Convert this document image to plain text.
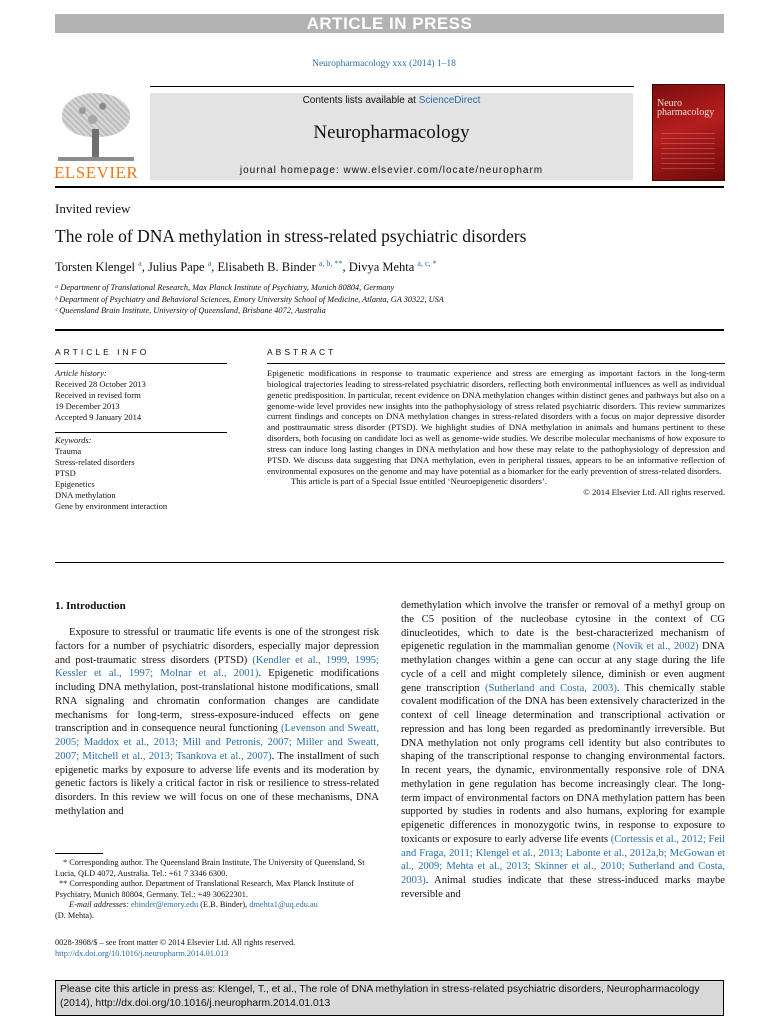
ARTICLE IN PRESS
Neuropharmacology xxx (2014) 1–18
ELSEVIER
Contents lists available at ScienceDirect
Neuropharmacology
journal homepage: www.elsevier.com/locate/neuropharm
Neuro pharmacology
Invited review
The role of DNA methylation in stress-related psychiatric disorders
Torsten Klengel $^a$, Julius Pape $^a$, Elisabeth B. Binder $^{a, b, **}$, Divya Mehta $^{a, c, *}$
ᵃ Department of Translational Research, Max Planck Institute of Psychiatry, Munich 80804, Germany
ᵇ Department of Psychiatry and Behavioral Sciences, Emory University School of Medicine, Atlanta, GA 30322, USA
ᶜ Queensland Brain Institute, University of Queensland, Brisbane 4072, Australia
ARTICLE INFO	ABSTRACT
Article history:
Received 28 October 2013
Received in revised form
19 December 2013
Accepted 9 January 2014
Keywords:
Trauma
Stress-related disorders
PTSD
Epigenetics
DNA methylation
Gene by environment interaction
Epigenetic modifications in response to traumatic experience and stress are emerging as important factors in the long-term biological trajectories leading to stress-related psychiatric disorders, reflecting both environmental influences as well as individual genetic predisposition. In particular, recent evidence on DNA methylation changes within distinct genes and pathways but also on a genome-wide level provides new insights into the pathophysiology of stress related psychiatric disorders. This review summarizes current findings and concepts on DNA methylation changes in stress-related disorders with a focus on major depressive disorder and posttraumatic stress disorder (PTSD). We highlight studies of DNA methylation in animals and humans pertinent to these disorders, both focusing on candidate loci as well as genome-wide studies. We describe molecular mechanisms of how exposure to stress can induce long lasting changes in DNA methylation and how these may relate to the pathophysiology of depression and PTSD. We discuss data suggesting that DNA methylation, even in peripheral tissues, appears to be an informative reflection of environmental exposures on the genome and may have potential as a biomarker for the early prevention of stress-related disorders.
This article is part of a Special Issue entitled ‘Neuroepigenetic disorders’.
© 2014 Elsevier Ltd. All rights reserved.
1. Introduction
Exposure to stressful or traumatic life events is one of the strongest risk factors for a number of psychiatric disorders, especially major depression and post-traumatic stress disorders (PTSD) (Kendler et al., 1999, 1995; Kessler et al., 1997; Molnar et al., 2001). Epigenetic modifications including DNA methylation, post-translational histone modifications, small RNA signaling and chromatin conformation changes are candidate mechanisms for long-term, stress-exposure-induced effects on gene transcription and in consequence neural functioning (Levenson and Sweatt, 2005; Maddox et al., 2013; Mill and Petronis, 2007; Miller and Sweatt, 2007; Mitchell et al., 2013; Tsankova et al., 2007). The installment of such epigenetic marks by exposure to adverse life events and its moderation by genetic factors is likely a critical factor in risk or resilience to stress-related disorders. In this review we will focus on one of these mechanisms, DNA methylation and
demethylation which involve the transfer or removal of a methyl group on the C5 position of the nucleobase cytosine in the context of CG dinucleotides, which to date is the best-characterized mechanism of epigenetic regulation in the mammalian genome (Novik et al., 2002) DNA methylation changes within a gene can occur at any stage during the life cycle of a cell and might completely silence, diminish or even augment gene transcription (Sutherland and Costa, 2003). This chemically stable covalent modification of the DNA has been extensively characterized in the context of cell lineage determination and transcriptional activation or repression and has long been regarded as predominantly irreversible. But DNA methylation not only programs cell identity but also contributes to shaping of the transcriptional response to changing environmental factors. In recent years, the dynamic, environmentally responsive role of DNA methylation in gene regulation has become increasingly clear. The long-term impact of environmental factors on DNA methylation pattern has been supported by studies in rodents and also humans, exploring for example epigenetic differences in monozygotic twins, in response to exposure to toxicants or exposure to early adverse life events (Cortessis et al., 2012; Feil and Fraga, 2011; Klengel et al., 2013; Labonte et al., 2012a,b; McGowan et al., 2009; Mehta et al., 2013; Skinner et al., 2010; Sutherland and Costa, 2003). Animal studies indicate that these stress-induced marks maybe reversible and
* Corresponding author. The Queensland Brain Institute, The University of Queensland, St Lucia, QLD 4072, Australia. Tel.: +61 7 3346 6300.
** Corresponding author. Department of Translational Research, Max Planck Institute of Psychiatry, Munich 80804, Germany. Tel.: +49 30622301.
E-mail addresses: ebinder@emory.edu (E.B. Binder), dmehta1@uq.edu.au
(D. Mehta).
0028-3908/$ – see front matter © 2014 Elsevier Ltd. All rights reserved.
http://dx.doi.org/10.1016/j.neuropharm.2014.01.013
Please cite this article in press as: Klengel, T., et al., The role of DNA methylation in stress-related psychiatric disorders, Neuropharmacology (2014), http://dx.doi.org/10.1016/j.neuropharm.2014.01.013
